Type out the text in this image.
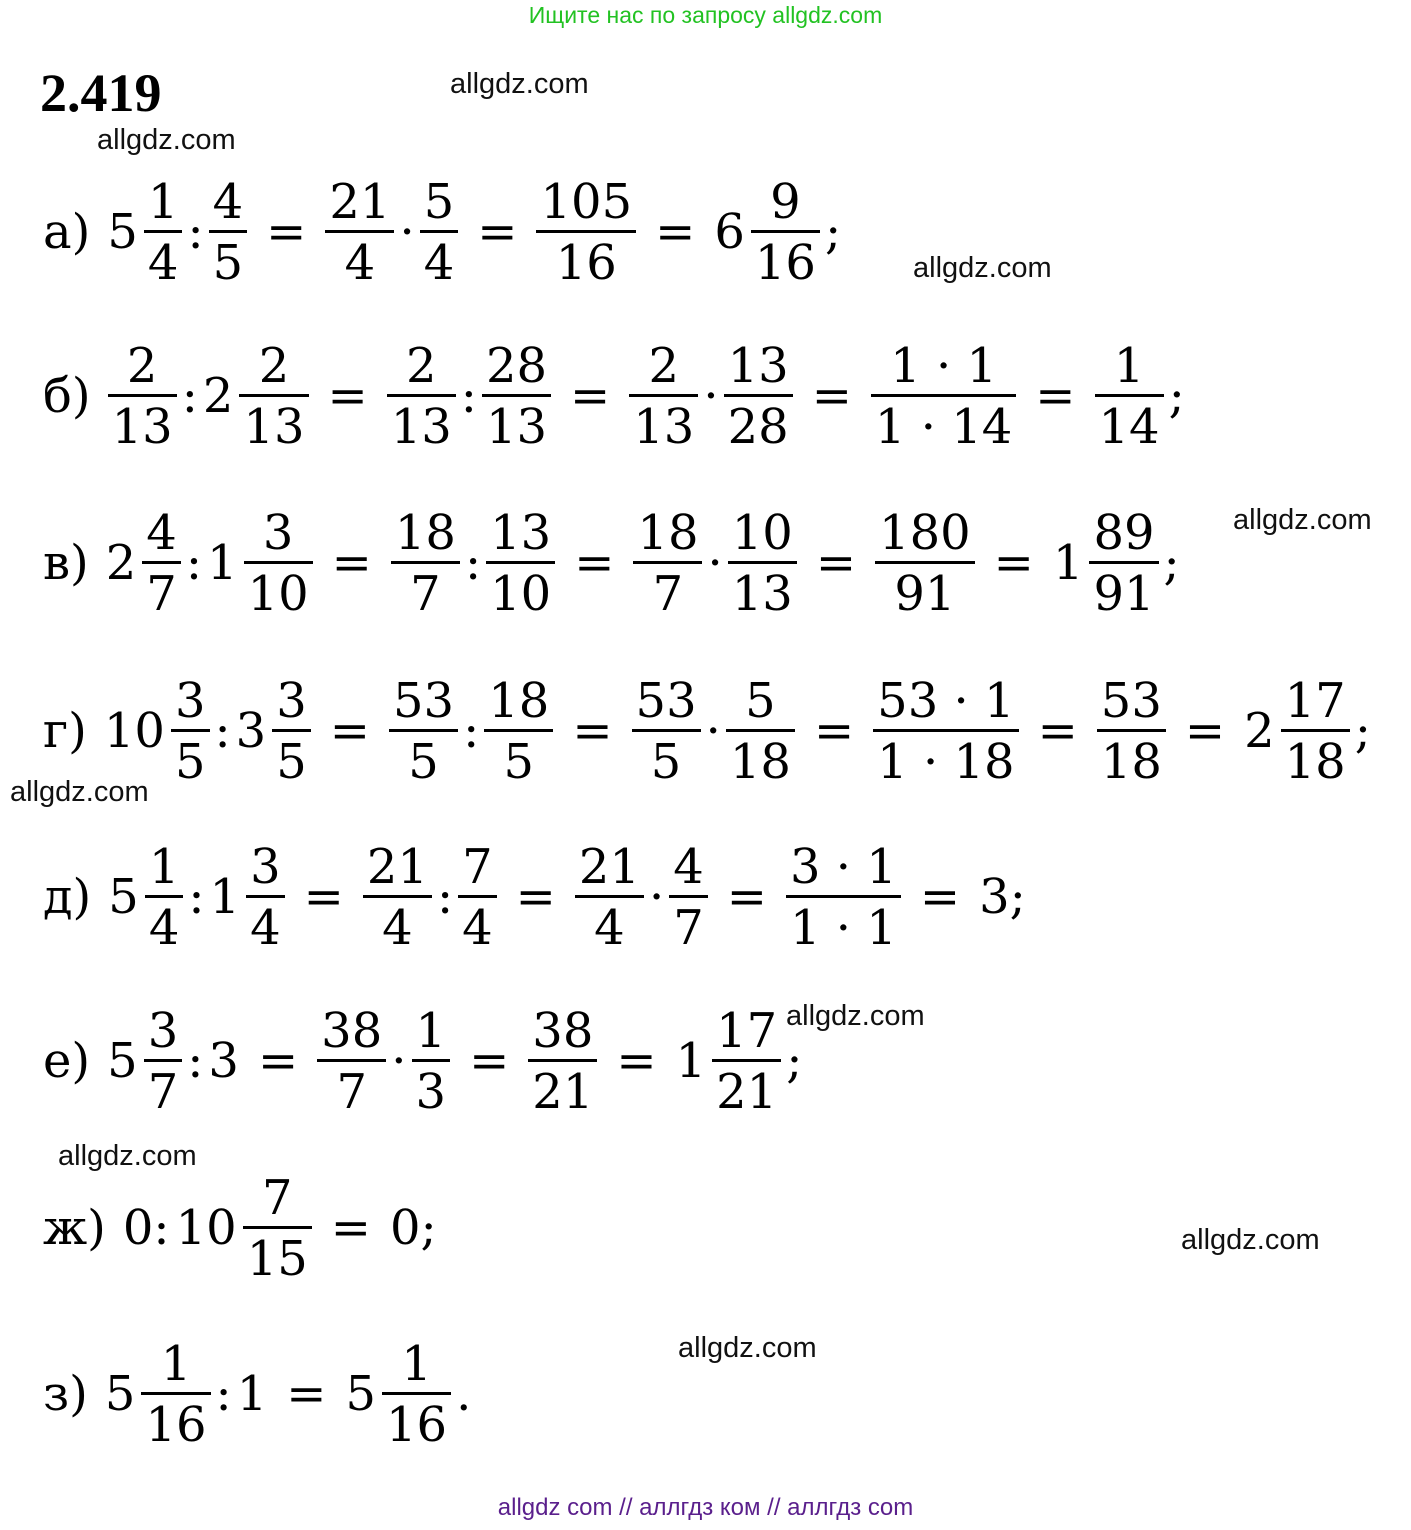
Ищите нас по запросу allgdz.com
2.419	allgdz.com
allgdz.com
allgdz.com
allgdz.com
allgdz.com
allgdz.com
allgdz.com
allgdz.com
allgdz.com
а) $5 \frac{1}{4}$ : $\frac{4}{5} = \frac{21}{4} \cdot \frac{5}{4} = \frac{105}{16} = 6 \frac{9}{16}$ ;
$б) \frac{2}{13}$ : $2 \frac{2}{13} = \frac{2}{13}$ : $\frac{28}{13} = \frac{2}{13} \cdot \frac{13}{28} = \frac{1 \cdot 1}{1 \cdot 14} = \frac{1}{14}$ ;
в) $2 \frac{4}{7}$ : $1 \frac{3}{10} = \frac{18}{7}$ : $\frac{13}{10} = \frac{18}{7} \cdot \frac{10}{13} = \frac{180}{91} = 1 \frac{89}{91}$ ;
г) $10 \frac{3}{5}$ : $3 \frac{3}{5} = \frac{53}{5}$ : $\frac{18}{5} = \frac{53}{5} \cdot \frac{5}{18} = \frac{53 \cdot 1}{1 \cdot 18} = \frac{53}{18} = 2 \frac{17}{18}$ ;
д) $5 \frac{1}{4}$ : $1 \frac{3}{4} = \frac{21}{4}$ : $\frac{7}{4} = \frac{21}{4} \cdot \frac{4}{7} = \frac{3 \cdot 1}{1 \cdot 1} = 3$;
е) $5 \frac{3}{7}$ : $3 = \frac{38}{7} \cdot \frac{1}{3} = \frac{38}{21} = 1 \frac{17}{21}$ ;
ж) 0: $10 \frac{7}{15} = 0$;
з) $5 \frac{1}{16}$ : $1 = 5 \frac{1}{16}$ .
allgdz com // аллгдз ком // аллгдз com
